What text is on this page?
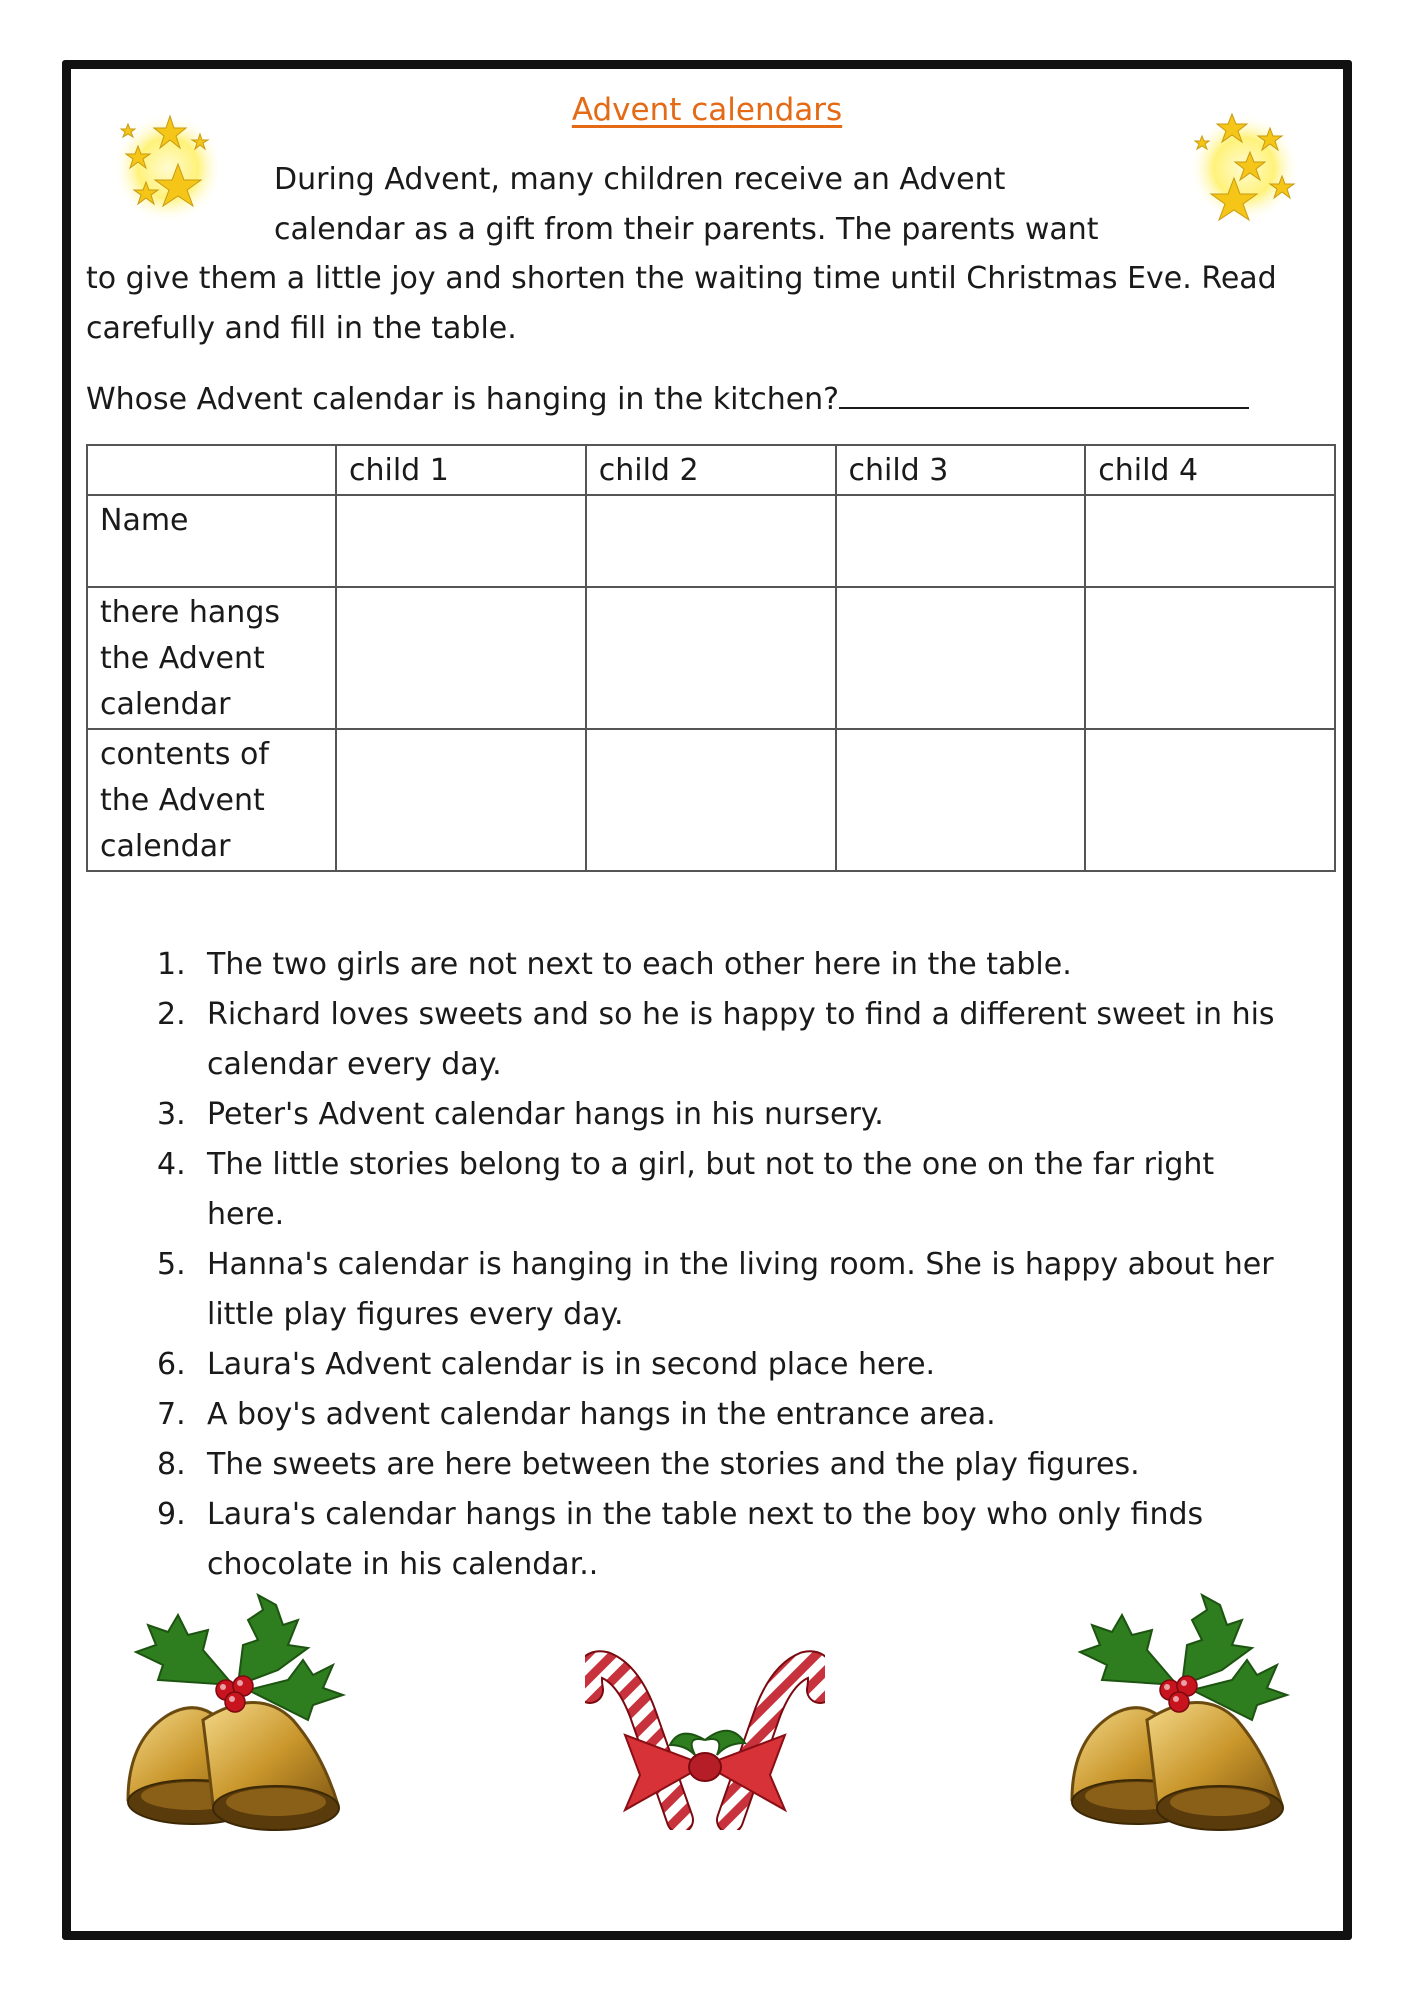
Advent calendars
During Advent, many children receive an Advent
calendar as a gift from their parents. The parents want
to give them a little joy and shorten the waiting time until Christmas Eve. Read
carefully and fill in the table.
Whose Advent calendar is hanging in the kitchen?
	child 1	child 2	child 3	child 4
Name				

there hangs
the Advent
calendar				

contents of
the Advent
calendar				

1. The two girls are not next to each other here in the table.
2. Richard loves sweets and so he is happy to find a different sweet in his
calendar every day.
3. Peter's Advent calendar hangs in his nursery.
4. The little stories belong to a girl, but not to the one on the far right
here.
5. Hanna's calendar is hanging in the living room. She is happy about her
little play figures every day.
6. Laura's Advent calendar is in second place here.
7. A boy's advent calendar hangs in the entrance area.
8. The sweets are here between the stories and the play figures.
9. Laura's calendar hangs in the table next to the boy who only finds
chocolate in his calendar..
